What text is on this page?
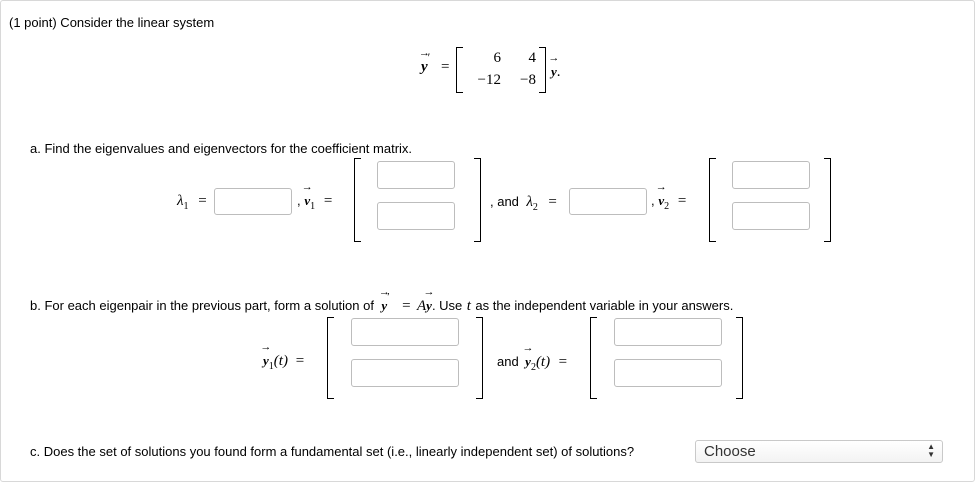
(1 point) Consider the linear system
→ y′
=
6	4
−12	−8
→ y.
a. Find the eigenvalues and eigenvectors for the coefficient matrix.
$\lambda_1$ =	, → $v_1$ =	, and $\lambda_2$ =	, → $v_2$ =
b. For each eigenpair in the previous part, form a solution of → y′ = A→ y. Use t as the independent variable in your answers.
→ $y_1(t)$ =	and → $y_2(t)$ =
c. Does the set of solutions you found form a fundamental set (i.e., linearly independent set) of solutions?	Choose	▲
▼
